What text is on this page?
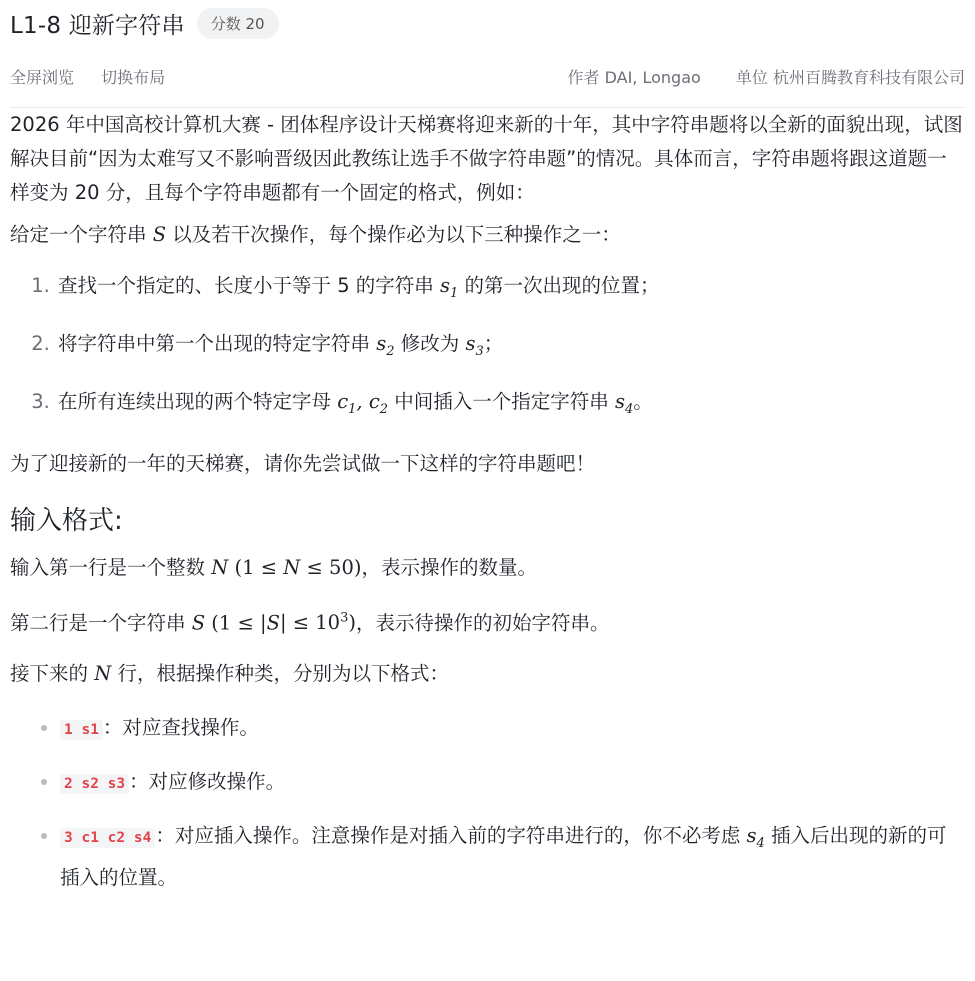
L1-8 迎新字符串	分数 20
全屏浏览 切换布局	作者 DAI, Longao 单位 杭州百腾教育科技有限公司

2026 年中国高校计算机大赛 - 团体程序设计天梯赛将迎来新的十年，其中字符串题将以全新的面貌出现，试图解决目前“因为太难写又不影响晋级因此教练让选手不做字符串题”的情况。具体而言，字符串题将跟这道题一样变为 20 分，且每个字符串题都有一个固定的格式，例如：

给定一个字符串 S 以及若干次操作，每个操作必为以下三种操作之一：

1. 查找一个指定的、长度小于等于 5 的字符串 $s_1$ 的第一次出现的位置；
2. 将字符串中第一个出现的特定字符串 $s_2$ 修改为 $s_3$；
3. 在所有连续出现的两个特定字母 $c_1$, $c_2$ 中间插入一个指定字符串 $s_4$。

为了迎接新的一年的天梯赛，请你先尝试做一下这样的字符串题吧！

输入格式:

输入第一行是一个整数 N (1 ≤ N ≤ 50)，表示操作的数量。

第二行是一个字符串 S $(1 \le |S| \le 10^3)$，表示待操作的初始字符串。

接下来的 N 行，根据操作种类，分别为以下格式：

• 1 s1 ：对应查找操作。
• 2 s2 s3 ：对应修改操作。
• 3 c1 c2 s4 ：对应插入操作。注意操作是对插入前的字符串进行的，你不必考虑 $s_4$ 插入后出现的新的可插入的位置。
